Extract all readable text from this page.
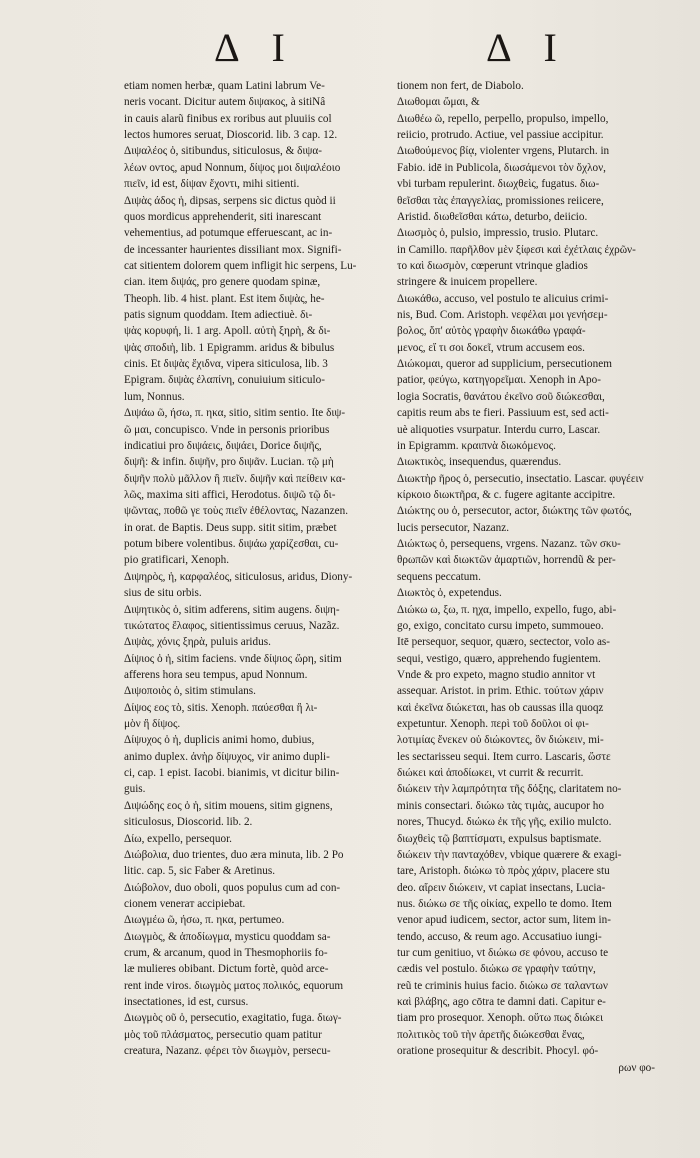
Δ I	Δ I
etiam nomen herbæ, quam Latini labrum Ve-
neris vocant. Dicitur autem διψακος, à sitiNâ
in cauis alarũ finibus ex roribus aut pluuiis col
lectos humores seruat, Dioscorid. lib. 3 cap. 12.
Διψαλέος ὁ, sitibundus, siticulosus, & διψα-
λέων οντος, apud Nonnum, δίψος μοι διψαλέοιο
πιεῖν, id est, δίψαν ἔχοντι, mihi sitienti.
Διψὰς άδος ἡ, dipsas, serpens sic dictus quòd ii
quos mordicus apprehenderit, siti inarescant
vehementius, ad potumque efferuescant, ac in-
de incessanter haurientes dissiliant mox. Signifi-
cat sitientem dolorem quem infligit hic serpens, Lu-
cian. item διψάς, pro genere quodam spinæ,
Theoph. lib. 4 hist. plant. Est item διψὰς, he-
patis signum quoddam. Item adiectiuè. δι-
ψὰς κορυφή, li. 1 arg. Apoll. αὐτὴ ξηρὴ, & δι-
ψὰς σποδιὴ, lib. 1 Epigramm. aridus & bibulus
cinis. Et διψὰς ἔχιδνα, vipera siticulosa, lib. 3
Epigram. διψὰς ἐλαπίνη, conuiuium siticulo-
lum, Nonnus.
Διψάω ῶ, ήσω, π. ηκα, sitio, sitim sentio. Ite διψ-
ῶ μαι, concupisco. Vnde in personis prioribus
indicatiui pro διψάεις, διψάει, Dorice διψῆς,
διψῆ: & infin. διψῆν, pro διψᾶν. Lucian. τῷ μὴ
διψῆν πολὺ μᾶλλον ἢ πιεῖν. διψῆν καὶ πείθειν κα-
λῶς, maxima siti affici, Herodotus. διψῶ τῷ δι-
ψῶντας, ποθῶ γε τοὺς πιεῖν ἐθέλοντας, Nazanzen.
in orat. de Baptis. Deus supp. sitit sitim, præbet
potum bibere volentibus. διψάω χαρίζεσθαι, cu-
pio gratificari, Xenoph.
Διψηρὸς, ἡ, καρφαλέος, siticulosus, aridus, Diony-
sius de situ orbis.
Διψητικὸς ὁ, sitim adferens, sitim augens. διψη-
τικώτατος ἔλαφος, sitientissimus ceruus, Nazãz.
Διψὰς, χόνις ξηρὰ, puluis aridus.
Δίψιος ὁ ἡ, sitim faciens. vnde δίψιος ὥρη, sitim
afferens hora seu tempus, apud Nonnum.
Διψοποιὸς ὁ, sitim stimulans.
Δίψος εος τὸ, sitis. Xenoph. παύεσθαι ἢ λι-
μὸν ἢ δίψος.
Δίψυχος ὁ ἡ, duplicis animi homo, dubius,
animo duplex. ἀνὴρ δίψυχος, vir animo dupli-
ci, cap. 1 epist. Iacobi. bianimis, vt dicitur bilin-
guis.
Διψώδης εος ὁ ἡ, sitim mouens, sitim gignens,
siticulosus, Dioscorid. lib. 2.
Δίω, expello, persequor.
Διώβολια, duo trientes, duo æra minuta, lib. 2 Po
litic. cap. 5, sic Faber & Aretinus.
Διώβολον, duo oboli, quos populus cum ad con-
cionem veneraт accipiebat.
Διωγμέω ῶ, ήσω, π. ηκα, pertumeo.
Διωγμὸς, & ἀποδίωγμα, mysticu quoddam sa-
crum, & arcanum, quod in Thesmophoriis fo-
læ mulieres obibant. Dictum fortè, quòd arce-
rent inde viros. διωγμὸς ματος πολικός, equorum
insectationes, id est, cursus.
Διωγμὸς οῦ ὁ, persecutio, exagitatio, fuga. διωγ-
μὸς τοῦ πλάσματος, persecutio quam patitur
creatura, Nazanz. φέρει τὸν διωγμὸν, persecu-
tionem non fert, de Diabolo.
Διωθομαι ὥμαι, &
Διωθέω ῶ, repello, perpello, propulso, impello,
reiicio, protrudo. Actiue, vel passiue accipitur.
Διωθούμενος βίᾳ, violenter vrgens, Plutarch. in
Fabio. idē in Publicola, διωσάμενοι τὸν ὄχλον,
vbi turbam repulerint. διωχθεὶς, fugatus. διω-
θεῖσθαι τὰς ἐπαγγελίας, promissiones reiicere,
Aristid. διωθεῖσθαι κάτω, deturbo, deiicio.
Διωσμὸς ὁ, pulsio, impressio, trusio. Plutarc.
in Camillo. παρῆλθον μὲν ξίφεσι καὶ ἐχέτλαις ἐχρῶν-
το καὶ διωσμὸν, cœperunt vtrinque gladios
stringere & inuicem propellere.
Διωκάθω, accuso, vel postulo te alicuius crimi-
nis, Bud. Com. Aristoph. νεφέλαι μοι γενήσεμ-
βολος, ὅπ' αὐτὸς γραφὴν διωκάθω γραφά-
μενος, εἴ τι σοι δοκεῖ, vtrum accusem eos.
Διώκομαι, queror ad supplicium, persecutionem
patior, φεύγω, κατηγορεῖμαι. Xenoph in Apo-
logia Socratis, θανάτου ἐκεῖνο σοῦ διώκεσθαι,
capitis reum abs te fieri. Passiuum est, sed acti-
uè aliquoties vsurpatur. Interdu curro, Lascar.
in Epigramm. κραιπνὰ διωκόμενος.
Διωκτικὸς, insequendus, quærendus.
Διωκτὴρ ῆρος ὁ, persecutio, insectatio. Lascar. φυγέειν
κίρκοιο διωκτῆρα, & c. fugere agitante accipitre.
Διώκτης ου ὁ, persecutor, actor, διώκτης τῶν φωτός,
lucis persecutor, Nazanz.
Διώκτως ὁ, persequens, vrgens. Nazanz. τῶν σκυ-
θρωπῶν καὶ διωκτῶν ἁμαρτιῶν, horrendũ & per-
sequens peccatum.
Διωκτὸς ὁ, expetendus.
Διώκω ω, ξω, π. ηχα, impello, expello, fugo, abi-
go, exigo, concitato cursu impeto, summoueo.
Itē persequor, sequor, quæro, sectector, volo as-
sequi, vestigo, quæro, apprehendo fugientem.
Vnde & pro expeto, magno studio annitor vt
assequar. Aristot. in prim. Ethic. τούτων χάριν
καὶ ἐκεῖνα διώκεται, has ob caussas illa quoqz
expetuntur. Xenoph. περὶ τοῦ δοῦλοι οἱ φι-
λοτιμίας ἕνεκεν οὐ διώκοντες, ὃν διώκειν, mi-
les sectarisseu sequi. Item curro. Lascaris, ὥστε
διώκει καὶ ἀποδίωκει, vt currit & recurrit.
διώκειν τὴν λαμπρότητα τῆς δόξης, claritatem no-
minis consectari. διώκω τὰς τιμὰς, aucupor ho
nores, Thucyd. διώκω ἐκ τῆς γῆς, exilio mulcto.
διωχθεὶς τῷ βαπτίσματι, expulsus baptismate.
διώκειν τὴν πανταχόθεν, vbique quærere & exagi-
tare, Aristoph. διώκω τὸ πρὸς χάριν, placere stu
deo. αἴρειν διώκειν, vt capiat insectans, Lucia-
nus. διώκω σε τῆς οἰκίας, expello te domo. Item
venor apud iudicem, sector, actor sum, litem in-
tendo, accuso, & reum ago. Accusatiuo iungi-
tur cum genitiuo, vt διώκω σε φόνου, accuso te
cædis vel postulo. διώκω σε γραφὴν ταύτην,
reũ te criminis huius facio. διώκω σε ταλαντων
καὶ βλάβης, ago cōtra te damni dati. Capitur e-
tiam pro prosequor. Xenoph. οὕτω πως διώκει
πολιτικὸς τοῦ τὴν ἀρετῆς διώκεσθαι ἔνας,
oratione prosequitur & describit. Phocyl. φό-
ρων φο-
